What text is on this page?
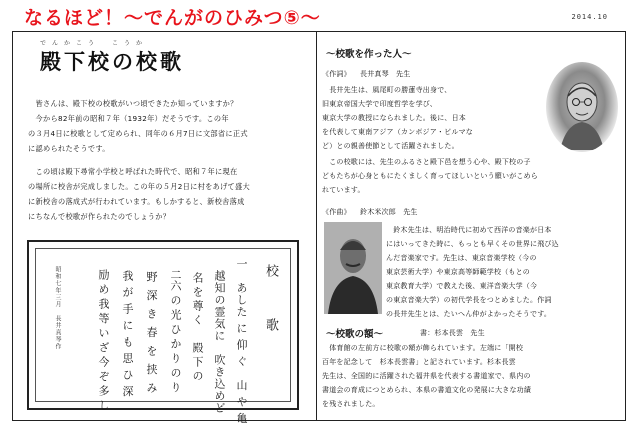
なるほど！～でんがのひみつ⑤～	2014.10
でんかこう　こうか
殿下校の校歌
　皆さんは、殿下校の校歌がいつ頃できたか知っていますか？
　今から82年前の昭和７年（1932年）だそうです。この年
の３月4日に校歌として定められ、同年の６月7日に文部省に正式
に認められたそうです。
　この頃は殿下尋常小学校と呼ばれた時代で、昭和７年に現在
の場所に校舎が完成しました。この年の５月2日に村をあげて盛大
に新校舎の落成式が行われています。もしかすると、新校舎落成
にちなんで校歌が作られたのでしょうか？
校　歌
一　あした に 仰 ぐ　山 や 亀
　越知の霊気に　吹き込めど
　名を尊く　殿下の
　二六 の 光 ひ か り の り
　野 深 き 春 を 挟 み
　我 が 手 に も 思 ひ 深
　励 め 我 等 い ざ 今 ぞ 多 し
昭和七年三月　長井真琴作
～校歌を作った人～
《作詞》 長井真琴　先生
　長井先生は、風尾町の勝蓮寺出身で、
旧東京帝国大学で印度哲学を学び、
東京大学の教授になられました。後に、日本
を代表して東南アジア（カンボジア・ビルマな
ど）との親善使節として活躍されました。
　この校歌には、先生のふるさと殿下邑を想う心や、殿下校の子
どもたちが心身ともにたくましく育ってほしいという願いがこめら
れています。
《作曲》 鈴木米次郎　先生
　鈴木先生は、明治時代に初めて西洋の音楽が日本
にはいってきた時に、もっとも早くその世界に飛び込
んだ音楽家です。先生は、東京音楽学校（今の
東京芸術大学）や東京高等師範学校（もとの
東京教育大学）で教えた後、東洋音楽大学（今
の東京音楽大学）の初代学長をつとめました。作詞
の長井先生とは、たいへん仲がよかったそうです。
～校歌の額～	書：杉本長雲　先生
　体育館の左前方に校歌の額が飾られています。左端に「開校
百年を記念して　杉本長雲書」と記されています。杉本長雲
先生は、全国的に活躍された福井県を代表する書道家で、県内の
書道会の育成につとめられ、本県の書道文化の発展に大きな功績
を残されました。
